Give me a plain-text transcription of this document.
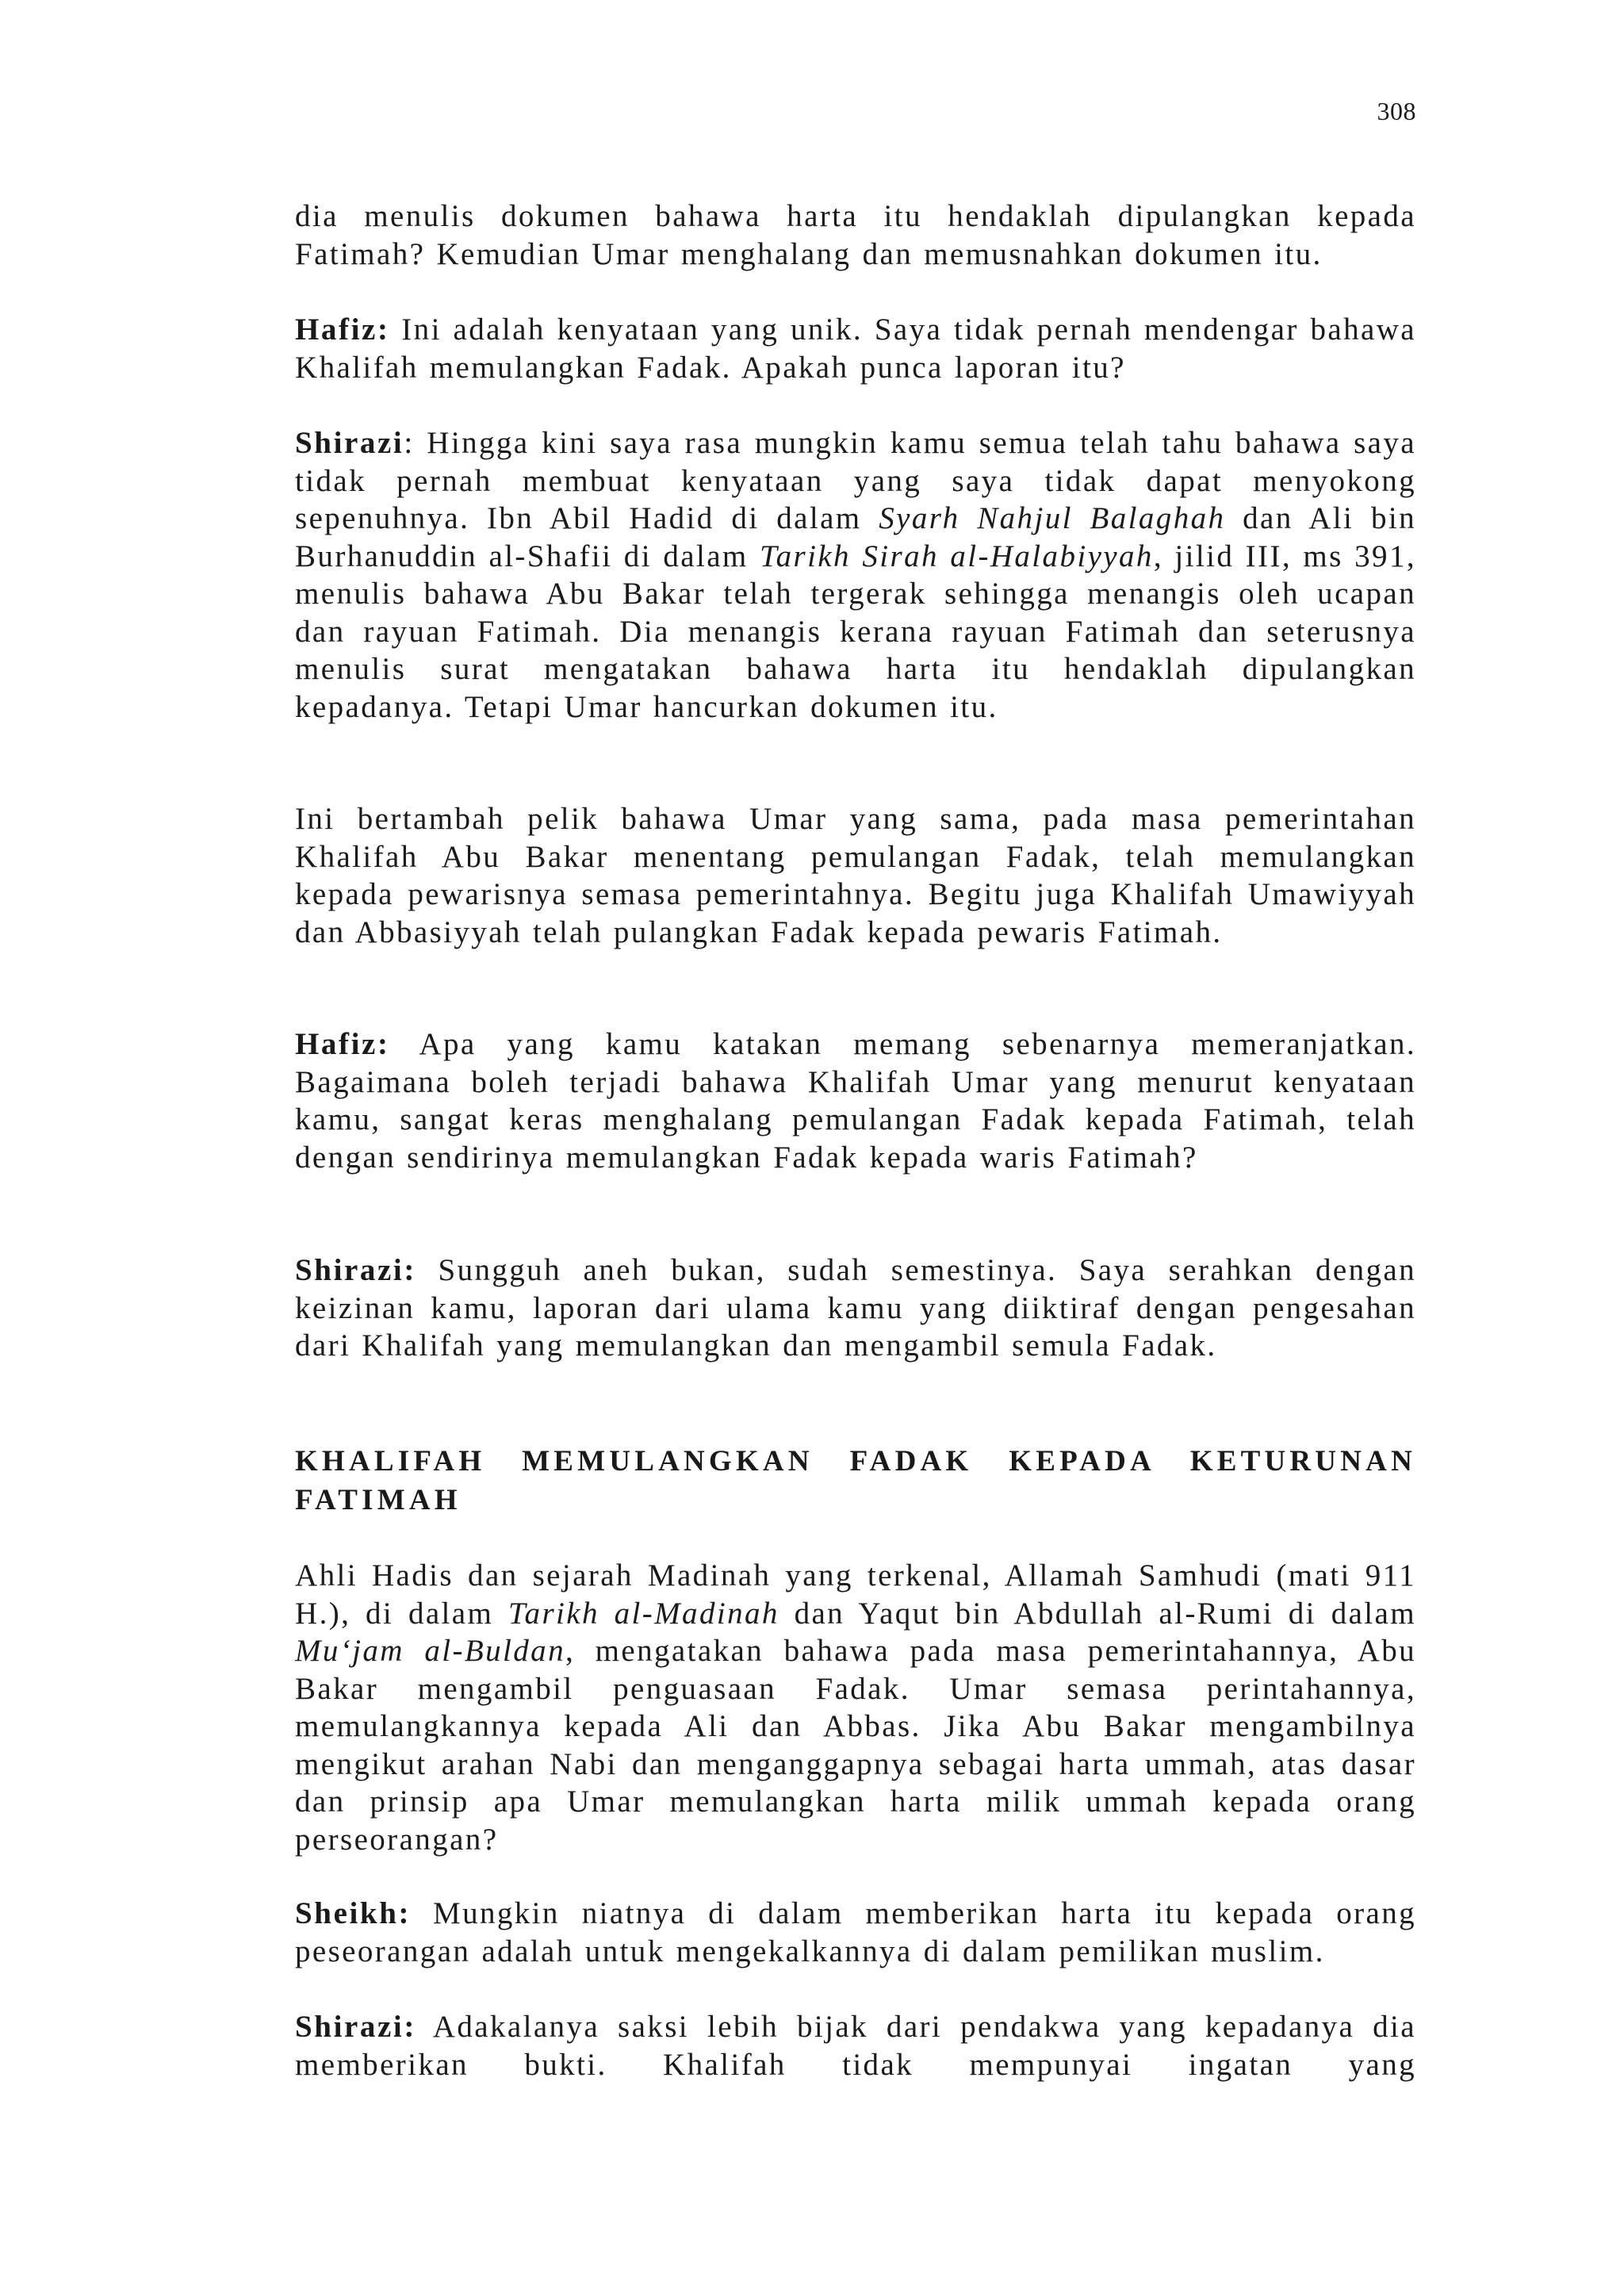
308

dia menulis dokumen bahawa harta itu hendaklah dipulangkan kepada Fatimah? Kemudian Umar menghalang dan memusnahkan dokumen itu.

Hafiz: Ini adalah kenyataan yang unik. Saya tidak pernah mendengar bahawa Khalifah memulangkan Fadak. Apakah punca laporan itu?

Shirazi: Hingga kini saya rasa mungkin kamu semua telah tahu bahawa saya tidak pernah membuat kenyataan yang saya tidak dapat menyokong sepenuhnya. Ibn Abil Hadid di dalam Syarh Nahjul Balaghah dan Ali bin Burhanuddin al-Shafii di dalam Tarikh Sirah al-Halabiyyah, jilid III, ms 391, menulis bahawa Abu Bakar telah tergerak sehingga menangis oleh ucapan dan rayuan Fatimah. Dia menangis kerana rayuan Fatimah dan seterusnya menulis surat mengatakan bahawa harta itu hendaklah dipulangkan kepadanya. Tetapi Umar hancurkan dokumen itu.

Ini bertambah pelik bahawa Umar yang sama, pada masa pemerintahan Khalifah Abu Bakar menentang pemulangan Fadak, telah memulangkan kepada pewarisnya semasa pemerintahnya. Begitu juga Khalifah Umawiyyah dan Abbasiyyah telah pulangkan Fadak kepada pewaris Fatimah.

Hafiz: Apa yang kamu katakan memang sebenarnya memeranjatkan. Bagaimana boleh terjadi bahawa Khalifah Umar yang menurut kenyataan kamu, sangat keras menghalang pemulangan Fadak kepada Fatimah, telah dengan sendirinya memulangkan Fadak kepada waris Fatimah?

Shirazi: Sungguh aneh bukan, sudah semestinya. Saya serahkan dengan keizinan kamu, laporan dari ulama kamu yang diiktiraf dengan pengesahan dari Khalifah yang memulangkan dan mengambil semula Fadak.

KHALIFAH MEMULANGKAN FADAK KEPADA KETURUNAN FATIMAH

Ahli Hadis dan sejarah Madinah yang terkenal, Allamah Samhudi (mati 911 H.), di dalam Tarikh al-Madinah dan Yaqut bin Abdullah al-Rumi di dalam Mu‘jam al-Buldan, mengatakan bahawa pada masa pemerintahannya, Abu Bakar mengambil penguasaan Fadak. Umar semasa perintahannya, memulangkannya kepada Ali dan Abbas. Jika Abu Bakar mengambilnya mengikut arahan Nabi dan menganggapnya sebagai harta ummah, atas dasar dan prinsip apa Umar memulangkan harta milik ummah kepada orang perseorangan?

Sheikh: Mungkin niatnya di dalam memberikan harta itu kepada orang peseorangan adalah untuk mengekalkannya di dalam pemilikan muslim.

Shirazi: Adakalanya saksi lebih bijak dari pendakwa yang kepadanya dia memberikan bukti. Khalifah tidak mempunyai ingatan yang
